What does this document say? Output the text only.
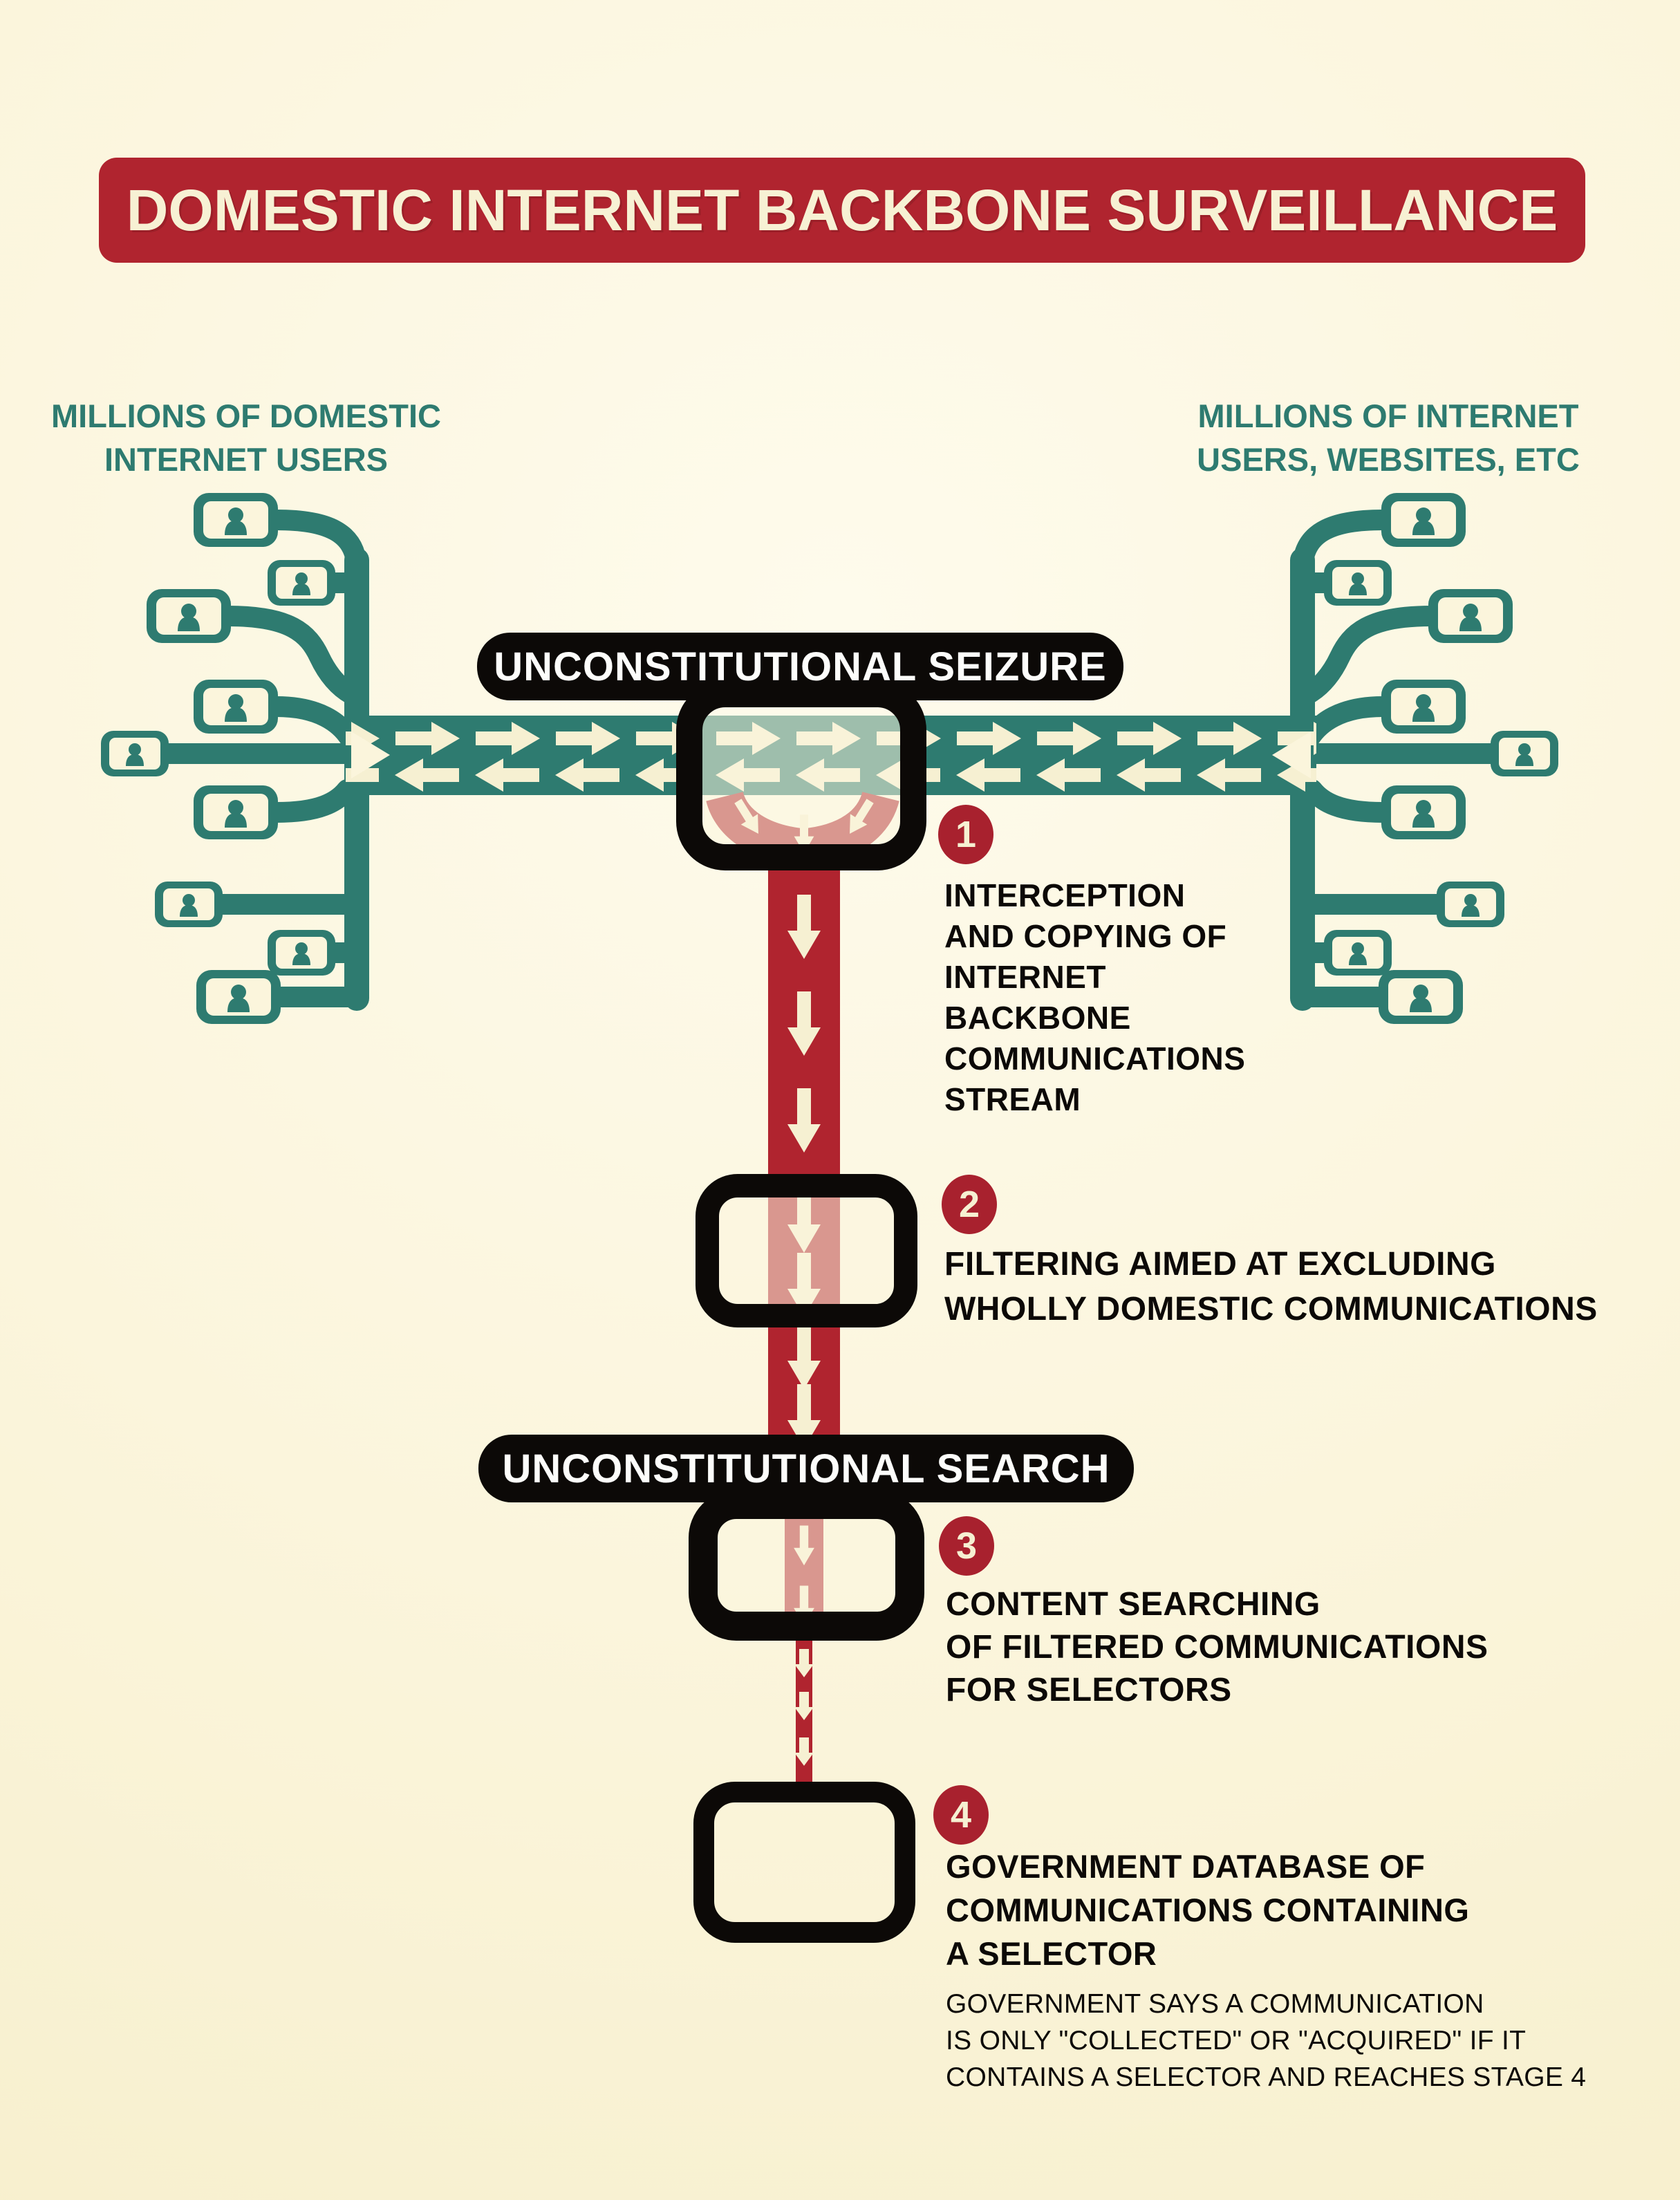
DOMESTIC INTERNET BACKBONE SURVEILLANCE
MILLIONS OF DOMESTIC
INTERNET USERS
MILLIONS OF INTERNET
USERS, WEBSITES, ETC
UNCONSTITUTIONAL SEIZURE
UNCONSTITUTIONAL SEARCH
1
INTERCEPTION
AND COPYING OF
INTERNET
BACKBONE
COMMUNICATIONS
STREAM
2
FILTERING AIMED AT EXCLUDING
WHOLLY DOMESTIC COMMUNICATIONS
3
CONTENT SEARCHING
OF FILTERED COMMUNICATIONS
FOR SELECTORS
4
GOVERNMENT DATABASE OF
COMMUNICATIONS CONTAINING
A SELECTOR
GOVERNMENT SAYS A COMMUNICATION
IS ONLY "COLLECTED" OR "ACQUIRED" IF IT
CONTAINS A SELECTOR AND REACHES STAGE 4
